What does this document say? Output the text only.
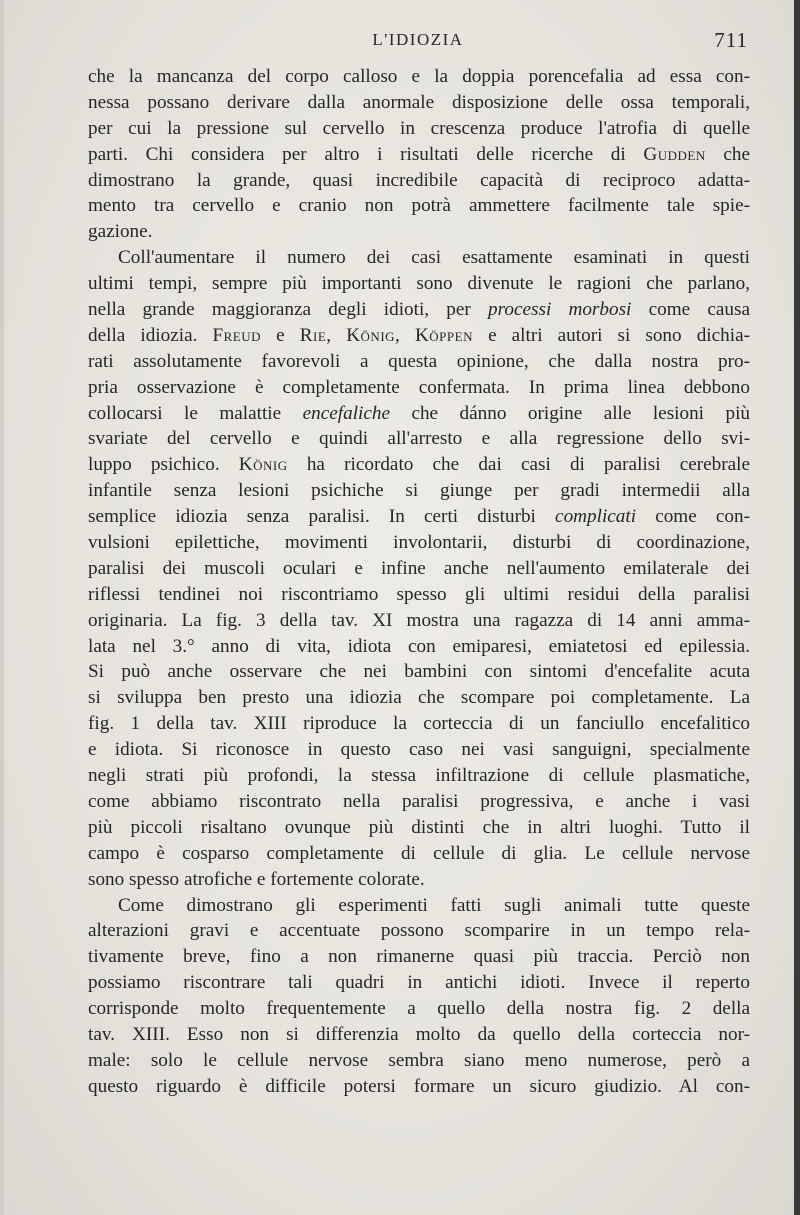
L'IDIOZIA	711
che la mancanza del corpo calloso e la doppia porencefalia ad essa con-
nessa possano derivare dalla anormale disposizione delle ossa temporali,
per cui la pressione sul cervello in crescenza produce l'atrofia di quelle
parti. Chi considera per altro i risultati delle ricerche di Gudden che
dimostrano la grande, quasi incredibile capacità di reciproco adatta-
mento tra cervello e cranio non potrà ammettere facilmente tale spie-
gazione.
Coll'aumentare il numero dei casi esattamente esaminati in questi
ultimi tempi, sempre più importanti sono divenute le ragioni che parlano,
nella grande maggioranza degli idioti, per processi morbosi come causa
della idiozia. Freud e Rie, König, Köppen e altri autori si sono dichia-
rati assolutamente favorevoli a questa opinione, che dalla nostra pro-
pria osservazione è completamente confermata. In prima linea debbono
collocarsi le malattie encefaliche che dánno origine alle lesioni più
svariate del cervello e quindi all'arresto e alla regressione dello svi-
luppo psichico. König ha ricordato che dai casi di paralisi cerebrale
infantile senza lesioni psichiche si giunge per gradi intermedii alla
semplice idiozia senza paralisi. In certi disturbi complicati come con-
vulsioni epilettiche, movimenti involontarii, disturbi di coordinazione,
paralisi dei muscoli oculari e infine anche nell'aumento emilaterale dei
riflessi tendinei noi riscontriamo spesso gli ultimi residui della paralisi
originaria. La fig. 3 della tav. XI mostra una ragazza di 14 anni amma-
lata nel 3.° anno di vita, idiota con emiparesi, emiatetosi ed epilessia.
Si può anche osservare che nei bambini con sintomi d'encefalite acuta
si sviluppa ben presto una idiozia che scompare poi completamente. La
fig. 1 della tav. XIII riproduce la corteccia di un fanciullo encefalitico
e idiota. Si riconosce in questo caso nei vasi sanguigni, specialmente
negli strati più profondi, la stessa infiltrazione di cellule plasmatiche,
come abbiamo riscontrato nella paralisi progressiva, e anche i vasi
più piccoli risaltano ovunque più distinti che in altri luoghi. Tutto il
campo è cosparso completamente di cellule di glia. Le cellule nervose
sono spesso atrofiche e fortemente colorate.
Come dimostrano gli esperimenti fatti sugli animali tutte queste
alterazioni gravi e accentuate possono scomparire in un tempo rela-
tivamente breve, fino a non rimanerne quasi più traccia. Perciò non
possiamo riscontrare tali quadri in antichi idioti. Invece il reperto
corrisponde molto frequentemente a quello della nostra fig. 2 della
tav. XIII. Esso non si differenzia molto da quello della corteccia nor-
male: solo le cellule nervose sembra siano meno numerose, però a
questo riguardo è difficile potersi formare un sicuro giudizio. Al con-
